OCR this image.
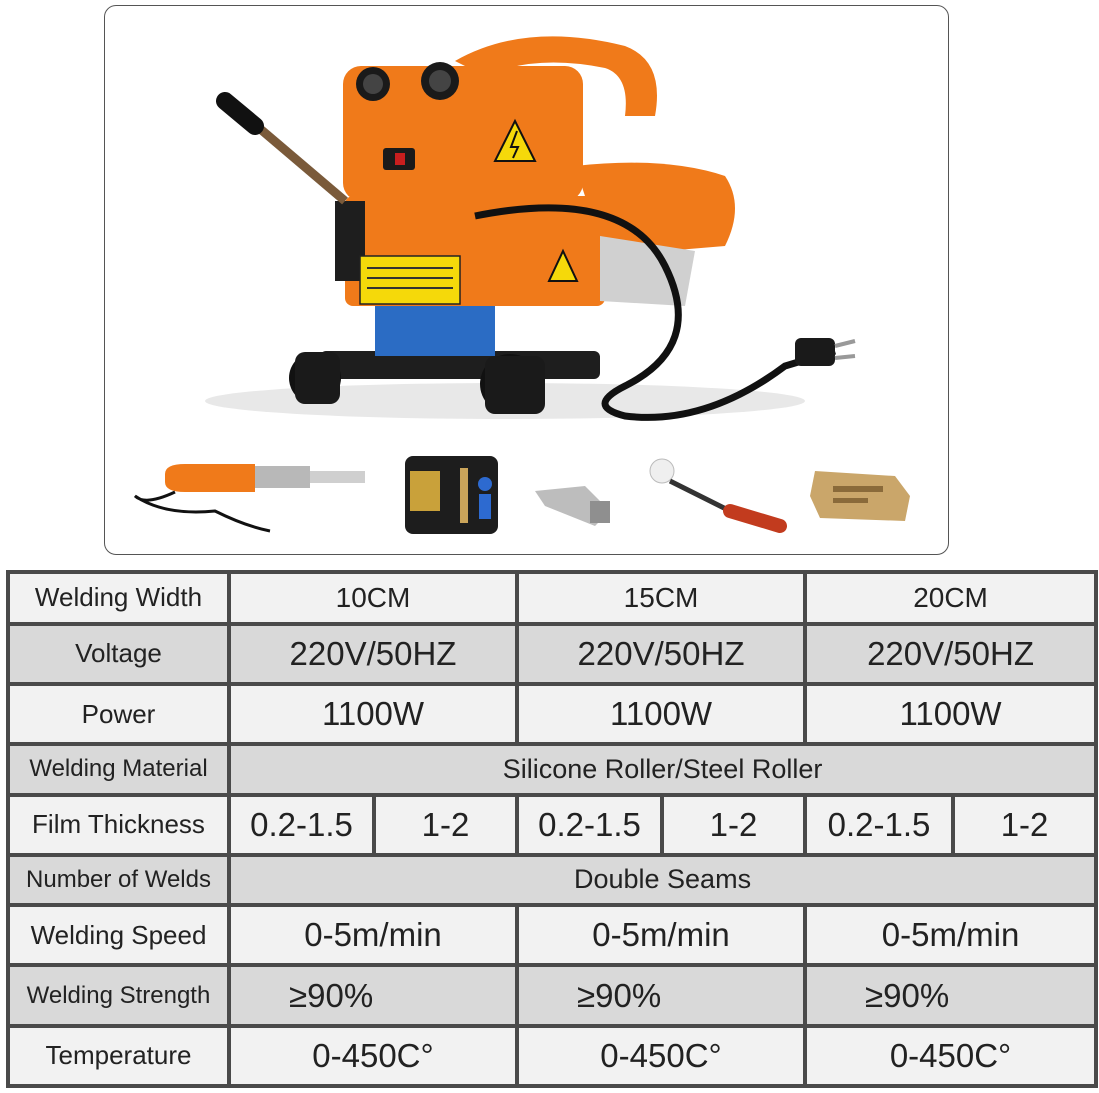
Welding Width	10CM		15CM		20CM	
Voltage	220V/50HZ		220V/50HZ		220V/50HZ	
Power	1100W		1100W		1100W	
Welding Material	Silicone Roller/Steel Roller					
Film Thickness	0.2-1.5	1-2	0.2-1.5	1-2	0.2-1.5	1-2
Number of Welds	Double Seams					
Welding Speed	0-5m/min		0-5m/min		0-5m/min	
Welding Strength	≥90%		≥90%		≥90%	
Temperature	0-450C°		0-450C°		0-450C°	
